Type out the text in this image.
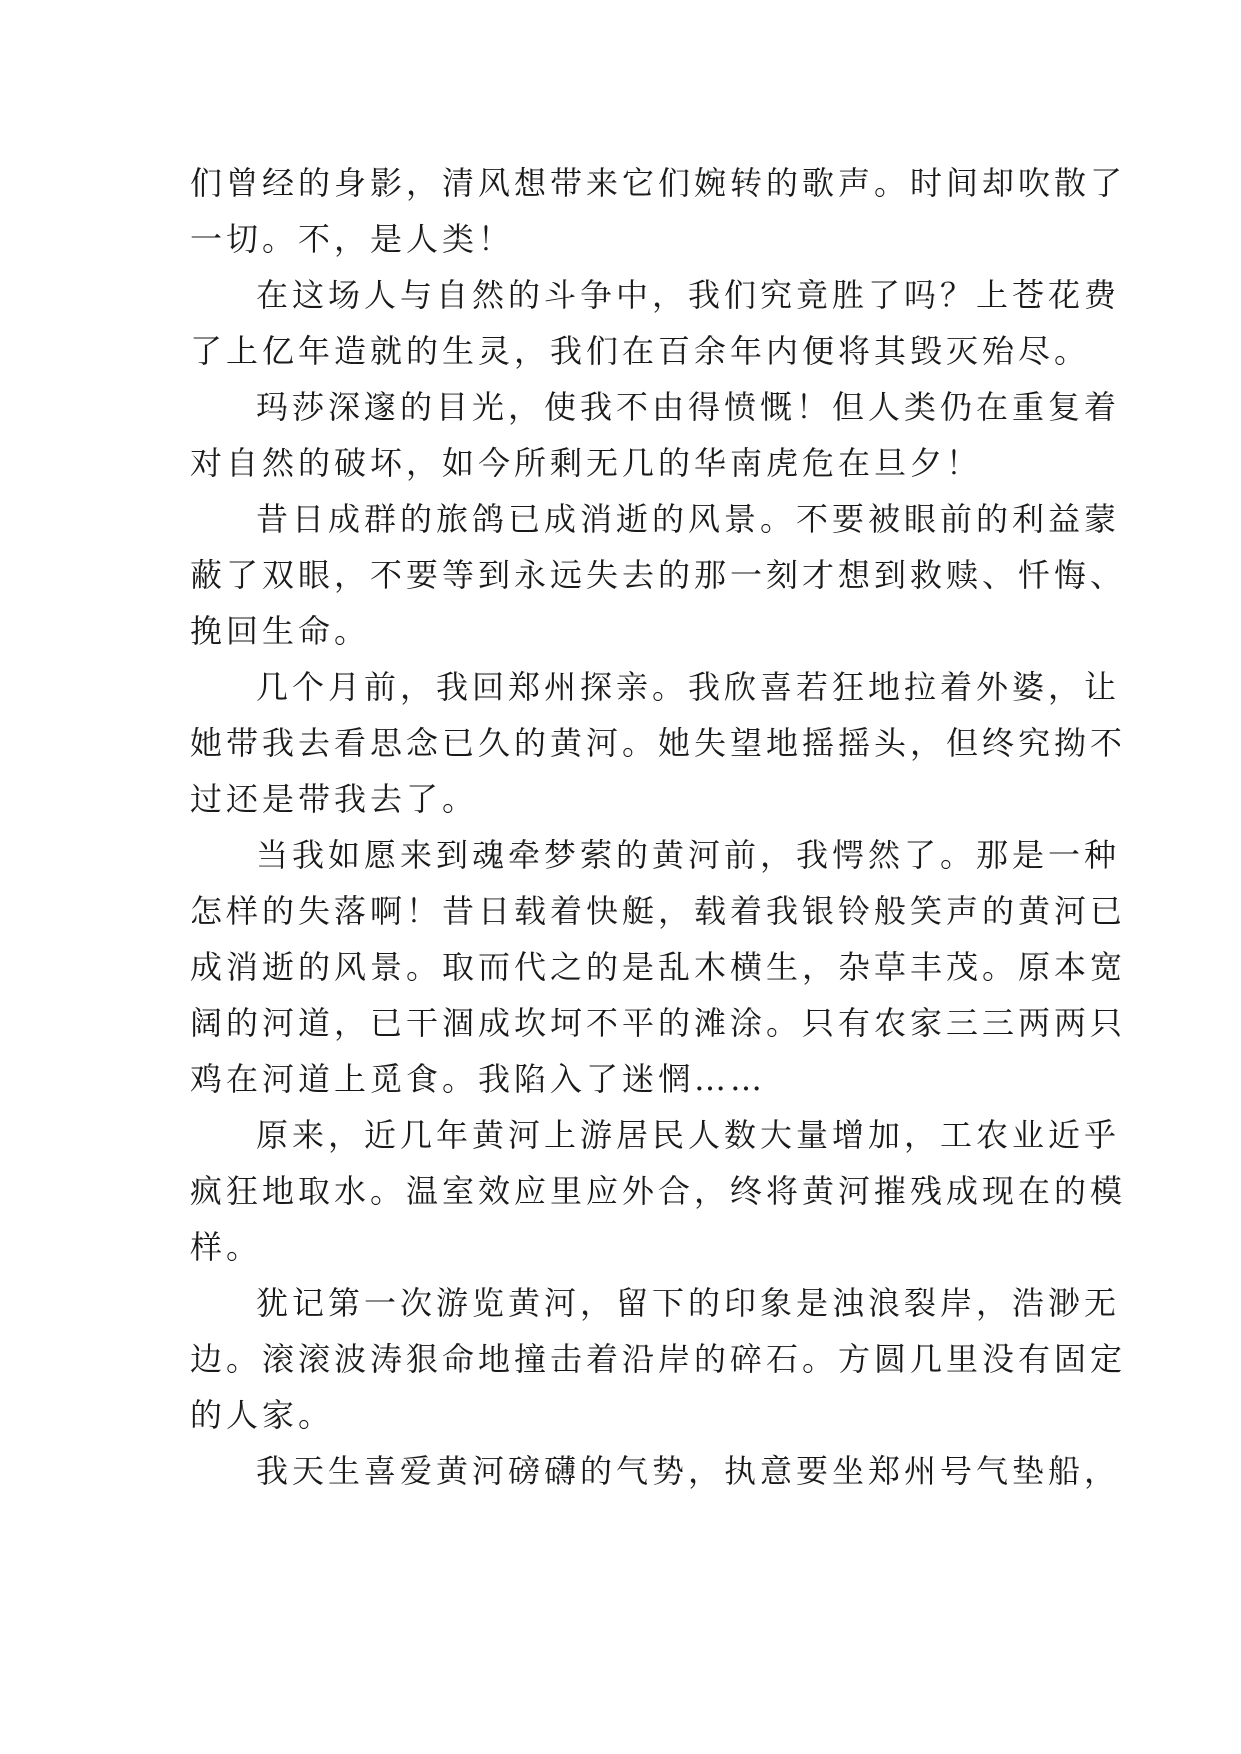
们曾经的身影，清风想带来它们婉转的歌声。时间却吹散了
一切。不，是人类！
在这场人与自然的斗争中，我们究竟胜了吗？上苍花费
了上亿年造就的生灵，我们在百余年内便将其毁灭殆尽。
玛莎深邃的目光，使我不由得愤慨！但人类仍在重复着
对自然的破坏，如今所剩无几的华南虎危在旦夕！
昔日成群的旅鸽已成消逝的风景。不要被眼前的利益蒙
蔽了双眼，不要等到永远失去的那一刻才想到救赎、忏悔、
挽回生命。
几个月前，我回郑州探亲。我欣喜若狂地拉着外婆，让
她带我去看思念已久的黄河。她失望地摇摇头，但终究拗不
过还是带我去了。
当我如愿来到魂牵梦萦的黄河前，我愕然了。那是一种
怎样的失落啊！昔日载着快艇，载着我银铃般笑声的黄河已
成消逝的风景。取而代之的是乱木横生，杂草丰茂。原本宽
阔的河道，已干涸成坎坷不平的滩涂。只有农家三三两两只
鸡在河道上觅食。我陷入了迷惘……
原来，近几年黄河上游居民人数大量增加，工农业近乎
疯狂地取水。温室效应里应外合，终将黄河摧残成现在的模
样。
犹记第一次游览黄河，留下的印象是浊浪裂岸，浩渺无
边。滚滚波涛狠命地撞击着沿岸的碎石。方圆几里没有固定
的人家。
我天生喜爱黄河磅礴的气势，执意要坐郑州号气垫船，
